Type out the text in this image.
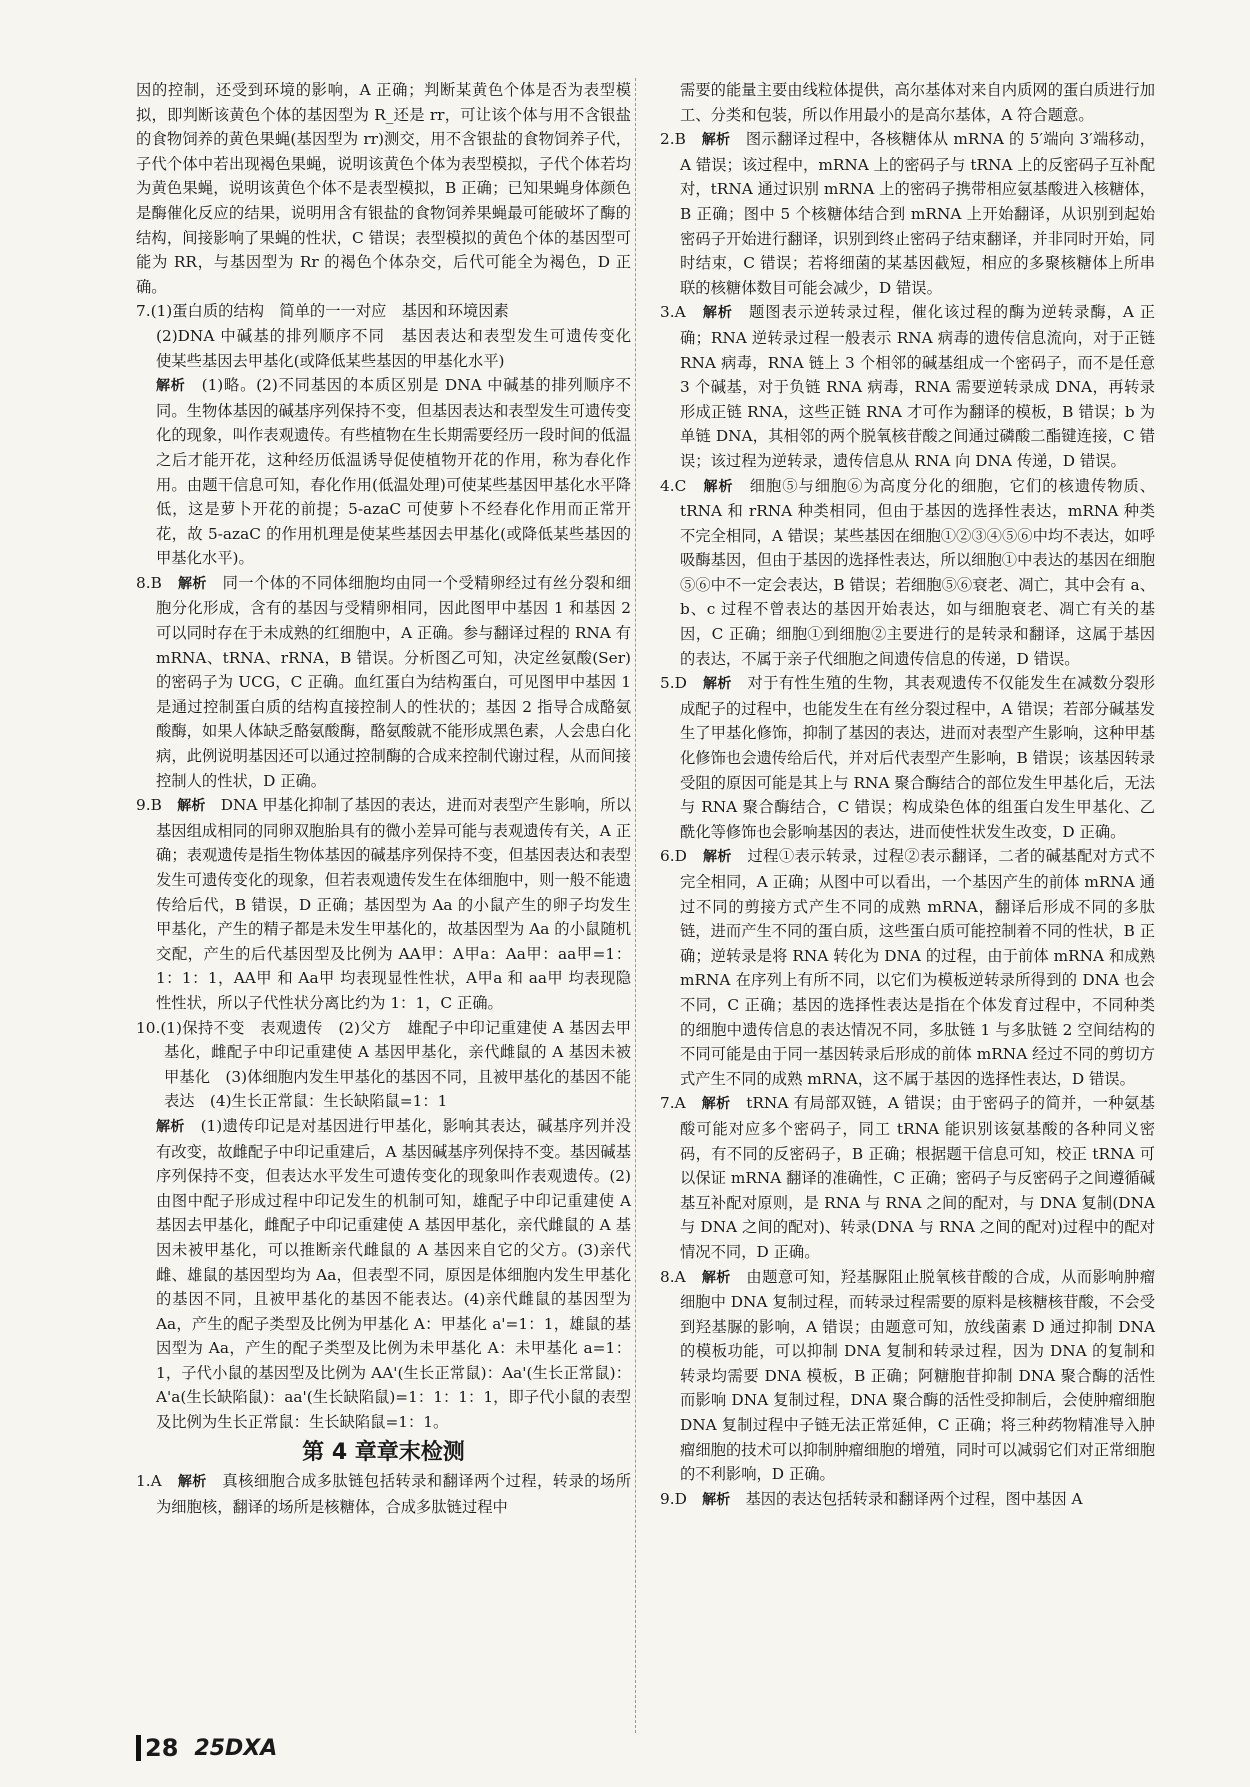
因的控制，还受到环境的影响，A 正确；判断某黄色个体是否为表型模拟，即判断该黄色个体的基因型为 R_还是 rr，可让该个体与用不含银盐的食物饲养的黄色果蝇(基因型为 rr)测交，用不含银盐的食物饲养子代，子代个体中若出现褐色果蝇，说明该黄色个体为表型模拟，子代个体若均为黄色果蝇，说明该黄色个体不是表型模拟，B 正确；已知果蝇身体颜色是酶催化反应的结果，说明用含有银盐的食物饲养果蝇最可能破坏了酶的结构，间接影响了果蝇的性状，C 错误；表型模拟的黄色个体的基因型可能为 RR，与基因型为 Rr 的褐色个体杂交，后代可能全为褐色，D 正确。

7.(1)蛋白质的结构　简单的一一对应　基因和环境因素

(2)DNA 中碱基的排列顺序不同　基因表达和表型发生可遗传变化　使某些基因去甲基化(或降低某些基因的甲基化水平)

解析　(1)略。(2)不同基因的本质区别是 DNA 中碱基的排列顺序不同。生物体基因的碱基序列保持不变，但基因表达和表型发生可遗传变化的现象，叫作表观遗传。有些植物在生长期需要经历一段时间的低温之后才能开花，这种经历低温诱导促使植物开花的作用，称为春化作用。由题干信息可知，春化作用(低温处理)可使某些基因甲基化水平降低，这是萝卜开花的前提；5-azaC 可使萝卜不经春化作用而正常开花，故 5-azaC 的作用机理是使某些基因去甲基化(或降低某些基因的甲基化水平)。

8.B　解析　同一个体的不同体细胞均由同一个受精卵经过有丝分裂和细胞分化形成，含有的基因与受精卵相同，因此图甲中基因 1 和基因 2 可以同时存在于未成熟的红细胞中，A 正确。参与翻译过程的 RNA 有 mRNA、tRNA、rRNA，B 错误。分析图乙可知，决定丝氨酸(Ser)的密码子为 UCG，C 正确。血红蛋白为结构蛋白，可见图甲中基因 1 是通过控制蛋白质的结构直接控制人的性状的；基因 2 指导合成酪氨酸酶，如果人体缺乏酪氨酸酶，酪氨酸就不能形成黑色素，人会患白化病，此例说明基因还可以通过控制酶的合成来控制代谢过程，从而间接控制人的性状，D 正确。

9.B　解析　DNA 甲基化抑制了基因的表达，进而对表型产生影响，所以基因组成相同的同卵双胞胎具有的微小差异可能与表观遗传有关，A 正确；表观遗传是指生物体基因的碱基序列保持不变，但基因表达和表型发生可遗传变化的现象，但若表观遗传发生在体细胞中，则一般不能遗传给后代，B 错误，D 正确；基因型为 Aa 的小鼠产生的卵子均发生甲基化，产生的精子都是未发生甲基化的，故基因型为 Aa 的小鼠随机交配，产生的后代基因型及比例为 AA甲：A甲a：Aa甲：aa甲=1：1：1：1，AA甲 和 Aa甲 均表现显性性状，A甲a 和 aa甲 均表现隐性性状，所以子代性状分离比约为 1：1，C 正确。

10.(1)保持不变　表观遗传　(2)父方　雄配子中印记重建使 A 基因去甲基化，雌配子中印记重建使 A 基因甲基化，亲代雌鼠的 A 基因未被甲基化　(3)体细胞内发生甲基化的基因不同，且被甲基化的基因不能表达　(4)生长正常鼠：生长缺陷鼠=1：1

解析　(1)遗传印记是对基因进行甲基化，影响其表达，碱基序列并没有改变，故雌配子中印记重建后，A 基因碱基序列保持不变。基因碱基序列保持不变，但表达水平发生可遗传变化的现象叫作表观遗传。(2)由图中配子形成过程中印记发生的机制可知，雄配子中印记重建使 A 基因去甲基化，雌配子中印记重建使 A 基因甲基化，亲代雌鼠的 A 基因未被甲基化，可以推断亲代雌鼠的 A 基因来自它的父方。(3)亲代雌、雄鼠的基因型均为 Aa，但表型不同，原因是体细胞内发生甲基化的基因不同，且被甲基化的基因不能表达。(4)亲代雌鼠的基因型为 Aa，产生的配子类型及比例为甲基化 A：甲基化 a'=1：1，雄鼠的基因型为 Aa，产生的配子类型及比例为未甲基化 A：未甲基化 a=1：1，子代小鼠的基因型及比例为 AA'(生长正常鼠)：Aa'(生长正常鼠)：A'a(生长缺陷鼠)：aa'(生长缺陷鼠)=1：1：1：1，即子代小鼠的表型及比例为生长正常鼠：生长缺陷鼠=1：1。

第 4 章章末检测

1.A　解析　真核细胞合成多肽链包括转录和翻译两个过程，转录的场所为细胞核，翻译的场所是核糖体，合成多肽链过程中

需要的能量主要由线粒体提供，高尔基体对来自内质网的蛋白质进行加工、分类和包装，所以作用最小的是高尔基体，A 符合题意。

2.B　解析　图示翻译过程中，各核糖体从 mRNA 的 5′端向 3′端移动，A 错误；该过程中，mRNA 上的密码子与 tRNA 上的反密码子互补配对，tRNA 通过识别 mRNA 上的密码子携带相应氨基酸进入核糖体，B 正确；图中 5 个核糖体结合到 mRNA 上开始翻译，从识别到起始密码子开始进行翻译，识别到终止密码子结束翻译，并非同时开始，同时结束，C 错误；若将细菌的某基因截短，相应的多聚核糖体上所串联的核糖体数目可能会减少，D 错误。

3.A　解析　题图表示逆转录过程，催化该过程的酶为逆转录酶，A 正确；RNA 逆转录过程一般表示 RNA 病毒的遗传信息流向，对于正链 RNA 病毒，RNA 链上 3 个相邻的碱基组成一个密码子，而不是任意 3 个碱基，对于负链 RNA 病毒，RNA 需要逆转录成 DNA，再转录形成正链 RNA，这些正链 RNA 才可作为翻译的模板，B 错误；b 为单链 DNA，其相邻的两个脱氧核苷酸之间通过磷酸二酯键连接，C 错误；该过程为逆转录，遗传信息从 RNA 向 DNA 传递，D 错误。

4.C　解析　细胞⑤与细胞⑥为高度分化的细胞，它们的核遗传物质、tRNA 和 rRNA 种类相同，但由于基因的选择性表达，mRNA 种类不完全相同，A 错误；某些基因在细胞①②③④⑤⑥中均不表达，如呼吸酶基因，但由于基因的选择性表达，所以细胞①中表达的基因在细胞⑤⑥中不一定会表达，B 错误；若细胞⑤⑥衰老、凋亡，其中会有 a、b、c 过程不曾表达的基因开始表达，如与细胞衰老、凋亡有关的基因，C 正确；细胞①到细胞②主要进行的是转录和翻译，这属于基因的表达，不属于亲子代细胞之间遗传信息的传递，D 错误。

5.D　解析　对于有性生殖的生物，其表观遗传不仅能发生在减数分裂形成配子的过程中，也能发生在有丝分裂过程中，A 错误；若部分碱基发生了甲基化修饰，抑制了基因的表达，进而对表型产生影响，这种甲基化修饰也会遗传给后代，并对后代表型产生影响，B 错误；该基因转录受阻的原因可能是其上与 RNA 聚合酶结合的部位发生甲基化后，无法与 RNA 聚合酶结合，C 错误；构成染色体的组蛋白发生甲基化、乙酰化等修饰也会影响基因的表达，进而使性状发生改变，D 正确。

6.D　解析　过程①表示转录，过程②表示翻译，二者的碱基配对方式不完全相同，A 正确；从图中可以看出，一个基因产生的前体 mRNA 通过不同的剪接方式产生不同的成熟 mRNA，翻译后形成不同的多肽链，进而产生不同的蛋白质，这些蛋白质可能控制着不同的性状，B 正确；逆转录是将 RNA 转化为 DNA 的过程，由于前体 mRNA 和成熟 mRNA 在序列上有所不同，以它们为模板逆转录所得到的 DNA 也会不同，C 正确；基因的选择性表达是指在个体发育过程中，不同种类的细胞中遗传信息的表达情况不同，多肽链 1 与多肽链 2 空间结构的不同可能是由于同一基因转录后形成的前体 mRNA 经过不同的剪切方式产生不同的成熟 mRNA，这不属于基因的选择性表达，D 错误。

7.A　解析　tRNA 有局部双链，A 错误；由于密码子的简并，一种氨基酸可能对应多个密码子，同工 tRNA 能识别该氨基酸的各种同义密码，有不同的反密码子，B 正确；根据题干信息可知，校正 tRNA 可以保证 mRNA 翻译的准确性，C 正确；密码子与反密码子之间遵循碱基互补配对原则，是 RNA 与 RNA 之间的配对，与 DNA 复制(DNA 与 DNA 之间的配对)、转录(DNA 与 RNA 之间的配对)过程中的配对情况不同，D 正确。

8.A　解析　由题意可知，羟基脲阻止脱氧核苷酸的合成，从而影响肿瘤细胞中 DNA 复制过程，而转录过程需要的原料是核糖核苷酸，不会受到羟基脲的影响，A 错误；由题意可知，放线菌素 D 通过抑制 DNA 的模板功能，可以抑制 DNA 复制和转录过程，因为 DNA 的复制和转录均需要 DNA 模板，B 正确；阿糖胞苷抑制 DNA 聚合酶的活性而影响 DNA 复制过程，DNA 聚合酶的活性受抑制后，会使肿瘤细胞 DNA 复制过程中子链无法正常延伸，C 正确；将三种药物精准导入肿瘤细胞的技术可以抑制肿瘤细胞的增殖，同时可以减弱它们对正常细胞的不利影响，D 正确。

9.D　解析　基因的表达包括转录和翻译两个过程，图中基因 A

28 25DXA
